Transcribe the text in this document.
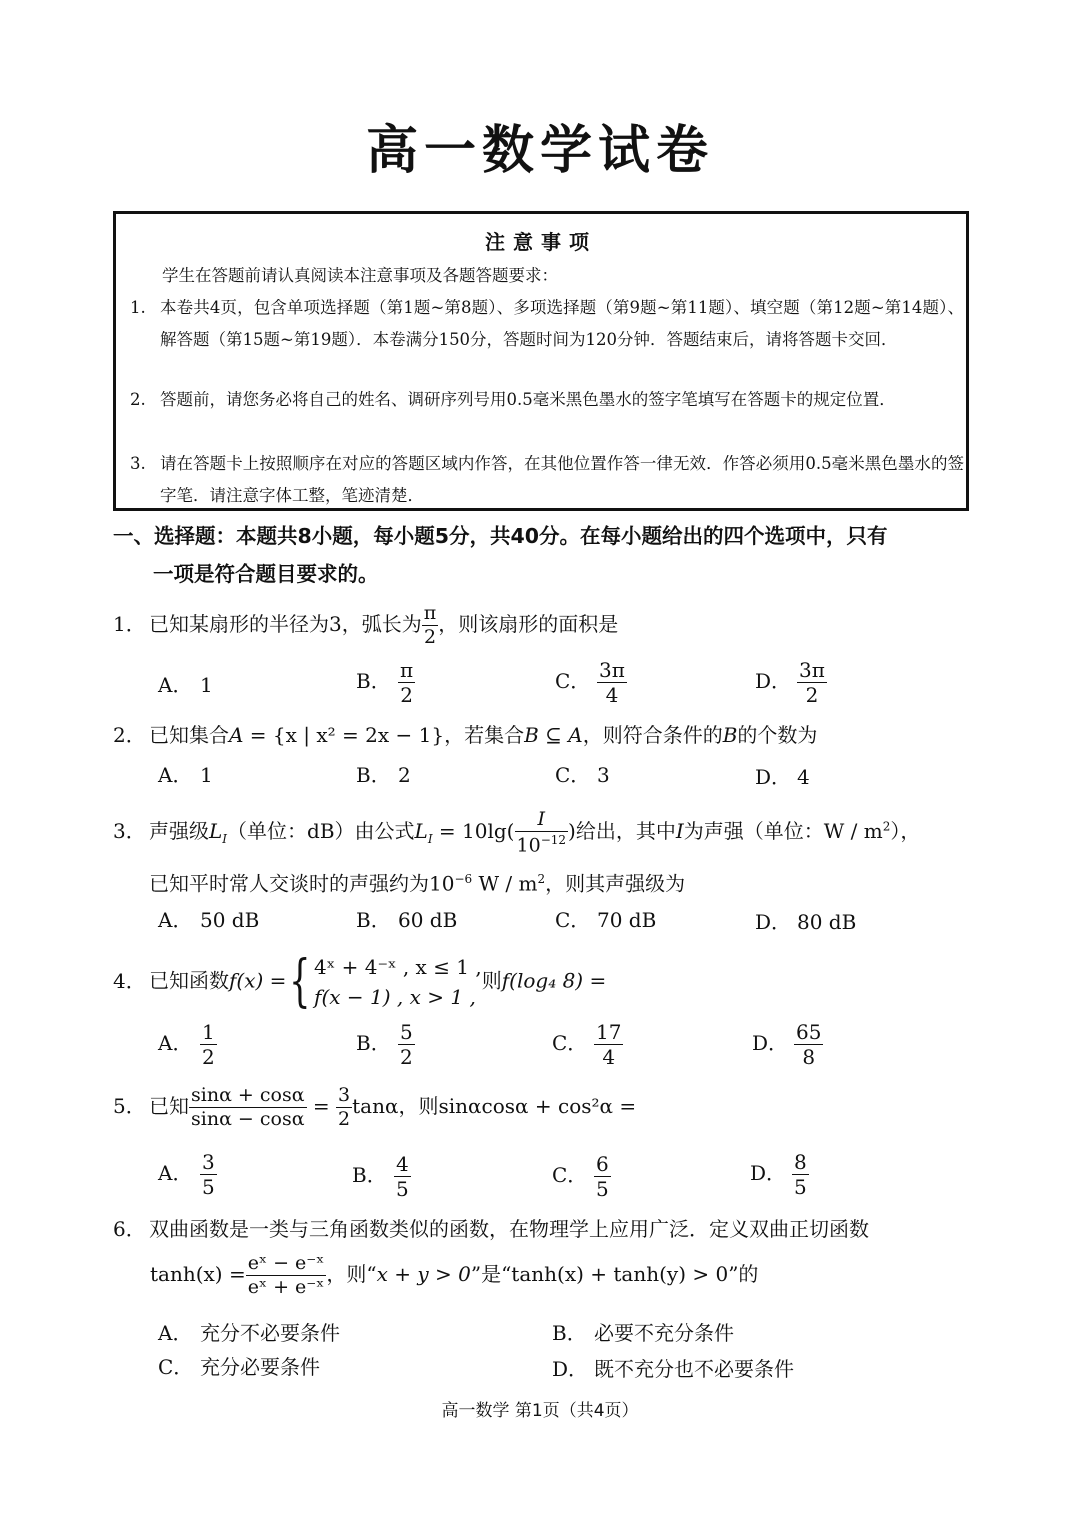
高一数学试卷
注意事项
学生在答题前请认真阅读本注意事项及各题答题要求：
1. 本卷共4页，包含单项选择题（第1题~第8题）、多项选择题（第9题~第11题）、填空题（第12题~第14题）、解答题（第15题~第19题）．本卷满分150分，答题时间为120分钟．答题结束后，请将答题卡交回．
2. 答题前，请您务必将自己的姓名、调研序列号用0.5毫米黑色墨水的签字笔填写在答题卡的规定位置．
3. 请在答题卡上按照顺序在对应的答题区域内作答，在其他位置作答一律无效．作答必须用0.5毫米黑色墨水的签字笔．请注意字体工整，笔迹清楚．
一、选择题：本题共8小题，每小题5分，共40分。在每小题给出的四个选项中，只有
一项是符合题目要求的。
1． 已知某扇形的半径为3，弧长为 $\frac{\pi}{2}$ ，则该扇形的面积是
A． 1	B． $\frac{\pi}{2}$	C． $\frac{3\pi}{4}$	D． $\frac{3\pi}{2}$
2． 已知集合A = {x | x² = 2x − 1}，若集合B ⊆ A，则符合条件的B的个数为
A． 1	B． 2	C． 3	D． 4
3． 声强级$L_I$（单位：dB）由公式$L_I = 10\lg( \frac{I}{10^{-12}}$ )给出，其中I为声强（单位：W / $m^2$），
已知平时常人交谈时的声强约为$10^{-6}$ W / $m^2$，则其声强级为
A． 50 dB	B． 60 dB	C． 70 dB	D． 80 dB
4． 已知函数f(x) ={ 4ˣ + 4⁻ˣ , x ≤ 1 ,
f(x − 1) , x > 1 ,
则f(log₄ 8) =
A． $\frac{1}{2}$	B． $\frac{5}{2}$	C． $\frac{17}{4}$	D． $\frac{65}{8}$
5． 已知 $\frac{\sin\alpha + \cos\alpha}{\sin\alpha - \cos\alpha} = \frac{3}{2}$ tanα，则sinαcosα + cos²α =
A． $\frac{3}{5}$	B． $\frac{4}{5}$	C． $\frac{6}{5}$	D． $\frac{8}{5}$
6． 双曲函数是一类与三角函数类似的函数，在物理学上应用广泛．定义双曲正切函数
$\tanh(x) = \frac{\text{eˣ − e⁻ˣ}}{\text{eˣ + e⁻ˣ}}$ ，则“x + y > 0”是“tanh(x) + tanh(y) > 0”的
A． 充分不必要条件	B． 必要不充分条件
C． 充分必要条件	D． 既不充分也不必要条件
高一数学 第1页（共4页）
